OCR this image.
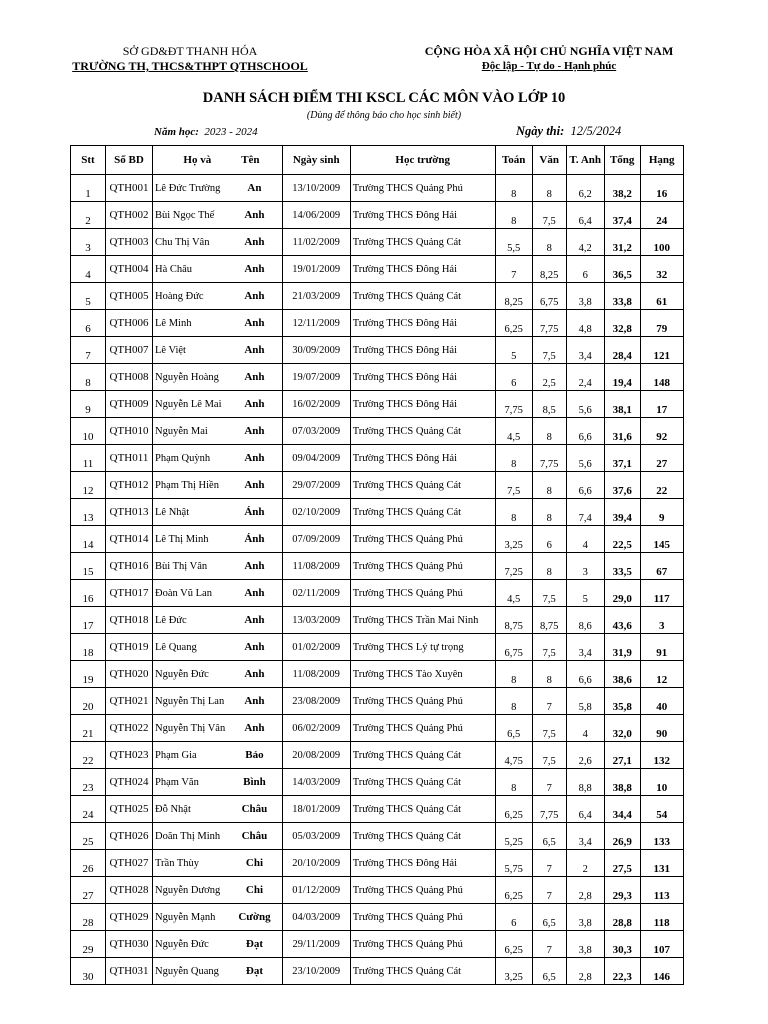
SỞ GD&ĐT THANH HÓA
TRƯỜNG TH, THCS&THPT QTHSCHOOL
CỘNG HÒA XÃ HỘI CHỦ NGHĨA VIỆT NAM
Độc lập - Tự do - Hạnh phúc
DANH SÁCH ĐIỂM THI KSCL CÁC MÔN VÀO LỚP 10
(Dùng để thông báo cho học sinh biết)
Năm học: 2023 - 2024	Ngày thi: 12/5/2024
Stt	Số BD	Họ và	Tên	Ngày sinh	Học trường	Toán	Văn	T. Anh	Tổng	Hạng
1	QTH001	Lê Đức Trường	An	13/10/2009	Trường THCS Quảng Phú	8	8	6,2	38,2	16
2	QTH002	Bùi Ngọc Thế	Anh	14/06/2009	Trường THCS Đông Hải	8	7,5	6,4	37,4	24
3	QTH003	Chu Thị Vân	Anh	11/02/2009	Trường THCS Quảng Cát	5,5	8	4,2	31,2	100
4	QTH004	Hà Châu	Anh	19/01/2009	Trường THCS Đông Hải	7	8,25	6	36,5	32
5	QTH005	Hoàng Đức	Anh	21/03/2009	Trường THCS Quảng Cát	8,25	6,75	3,8	33,8	61
6	QTH006	Lê Minh	Anh	12/11/2009	Trường THCS Đông Hải	6,25	7,75	4,8	32,8	79
7	QTH007	Lê Việt	Anh	30/09/2009	Trường THCS Đông Hải	5	7,5	3,4	28,4	121
8	QTH008	Nguyễn Hoàng	Anh	19/07/2009	Trường THCS Đông Hải	6	2,5	2,4	19,4	148
9	QTH009	Nguyễn Lê Mai	Anh	16/02/2009	Trường THCS Đông Hải	7,75	8,5	5,6	38,1	17
10	QTH010	Nguyễn Mai	Anh	07/03/2009	Trường THCS Quảng Cát	4,5	8	6,6	31,6	92
11	QTH011	Phạm Quỳnh	Anh	09/04/2009	Trường THCS Đông Hải	8	7,75	5,6	37,1	27
12	QTH012	Phạm Thị Hiền	Anh	29/07/2009	Trường THCS Quảng Cát	7,5	8	6,6	37,6	22
13	QTH013	Lê Nhật	Ánh	02/10/2009	Trường THCS Quảng Cát	8	8	7,4	39,4	9
14	QTH014	Lê Thị Minh	Ánh	07/09/2009	Trường THCS Quảng Phú	3,25	6	4	22,5	145
15	QTH016	Bùi Thị Vân	Anh	11/08/2009	Trường THCS Quảng Phú	7,25	8	3	33,5	67
16	QTH017	Đoàn Vũ Lan	Anh	02/11/2009	Trường THCS Quảng Phú	4,5	7,5	5	29,0	117
17	QTH018	Lê Đức	Anh	13/03/2009	Trường THCS Trần Mai Ninh	8,75	8,75	8,6	43,6	3
18	QTH019	Lê Quang	Anh	01/02/2009	Trường THCS Lý tự trọng	6,75	7,5	3,4	31,9	91
19	QTH020	Nguyễn Đức	Anh	11/08/2009	Trường THCS Tào Xuyên	8	8	6,6	38,6	12
20	QTH021	Nguyễn Thị Lan	Anh	23/08/2009	Trường THCS Quảng Phú	8	7	5,8	35,8	40
21	QTH022	Nguyễn Thị Vân	Anh	06/02/2009	Trường THCS Quảng Phú	6,5	7,5	4	32,0	90
22	QTH023	Phạm Gia	Bảo	20/08/2009	Trường THCS Quảng Cát	4,75	7,5	2,6	27,1	132
23	QTH024	Phạm Văn	Bình	14/03/2009	Trường THCS Quảng Cát	8	7	8,8	38,8	10
24	QTH025	Đỗ Nhật	Châu	18/01/2009	Trường THCS Quảng Cát	6,25	7,75	6,4	34,4	54
25	QTH026	Doãn Thị Minh	Châu	05/03/2009	Trường THCS Quảng Cát	5,25	6,5	3,4	26,9	133
26	QTH027	Trần Thùy	Chi	20/10/2009	Trường THCS Đông Hải	5,75	7	2	27,5	131
27	QTH028	Nguyễn Dương	Chi	01/12/2009	Trường THCS Quảng Phú	6,25	7	2,8	29,3	113
28	QTH029	Nguyễn Mạnh	Cường	04/03/2009	Trường THCS Quảng Phú	6	6,5	3,8	28,8	118
29	QTH030	Nguyễn Đức	Đạt	29/11/2009	Trường THCS Quảng Phú	6,25	7	3,8	30,3	107
30	QTH031	Nguyễn Quang	Đạt	23/10/2009	Trường THCS Quảng Cát	3,25	6,5	2,8	22,3	146
